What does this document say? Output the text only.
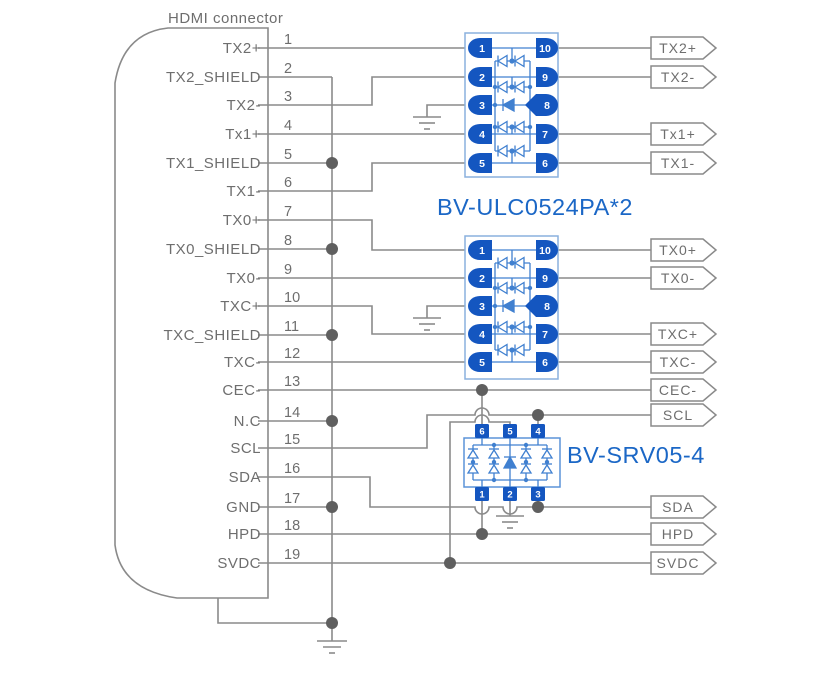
HDMI connector
TX2+
TX2_SHIELD
TX2-
Tx1+
TX1_SHIELD
TX1-
TX0+
TX0_SHIELD
TX0-
TXC+
TXC_SHIELD
TXC-
CEC-
N.C
SCL
SDA
GND
HPD
SVDC
1
2
3
4
5
6
7
8
9
10
11
12
13
14
15
16
17
18
19
1
2
3
4
5
10
9
8
7
6
BV-ULC0524PA*2
1
2
3
4
5
10
9
8
7
6
6 5 4
1 2 3
BV-SRV05-4
TX2+
TX2-
Tx1+
TX1-
TX0+
TX0-
TXC+
TXC-
CEC-
SCL
SDA
HPD
SVDC
